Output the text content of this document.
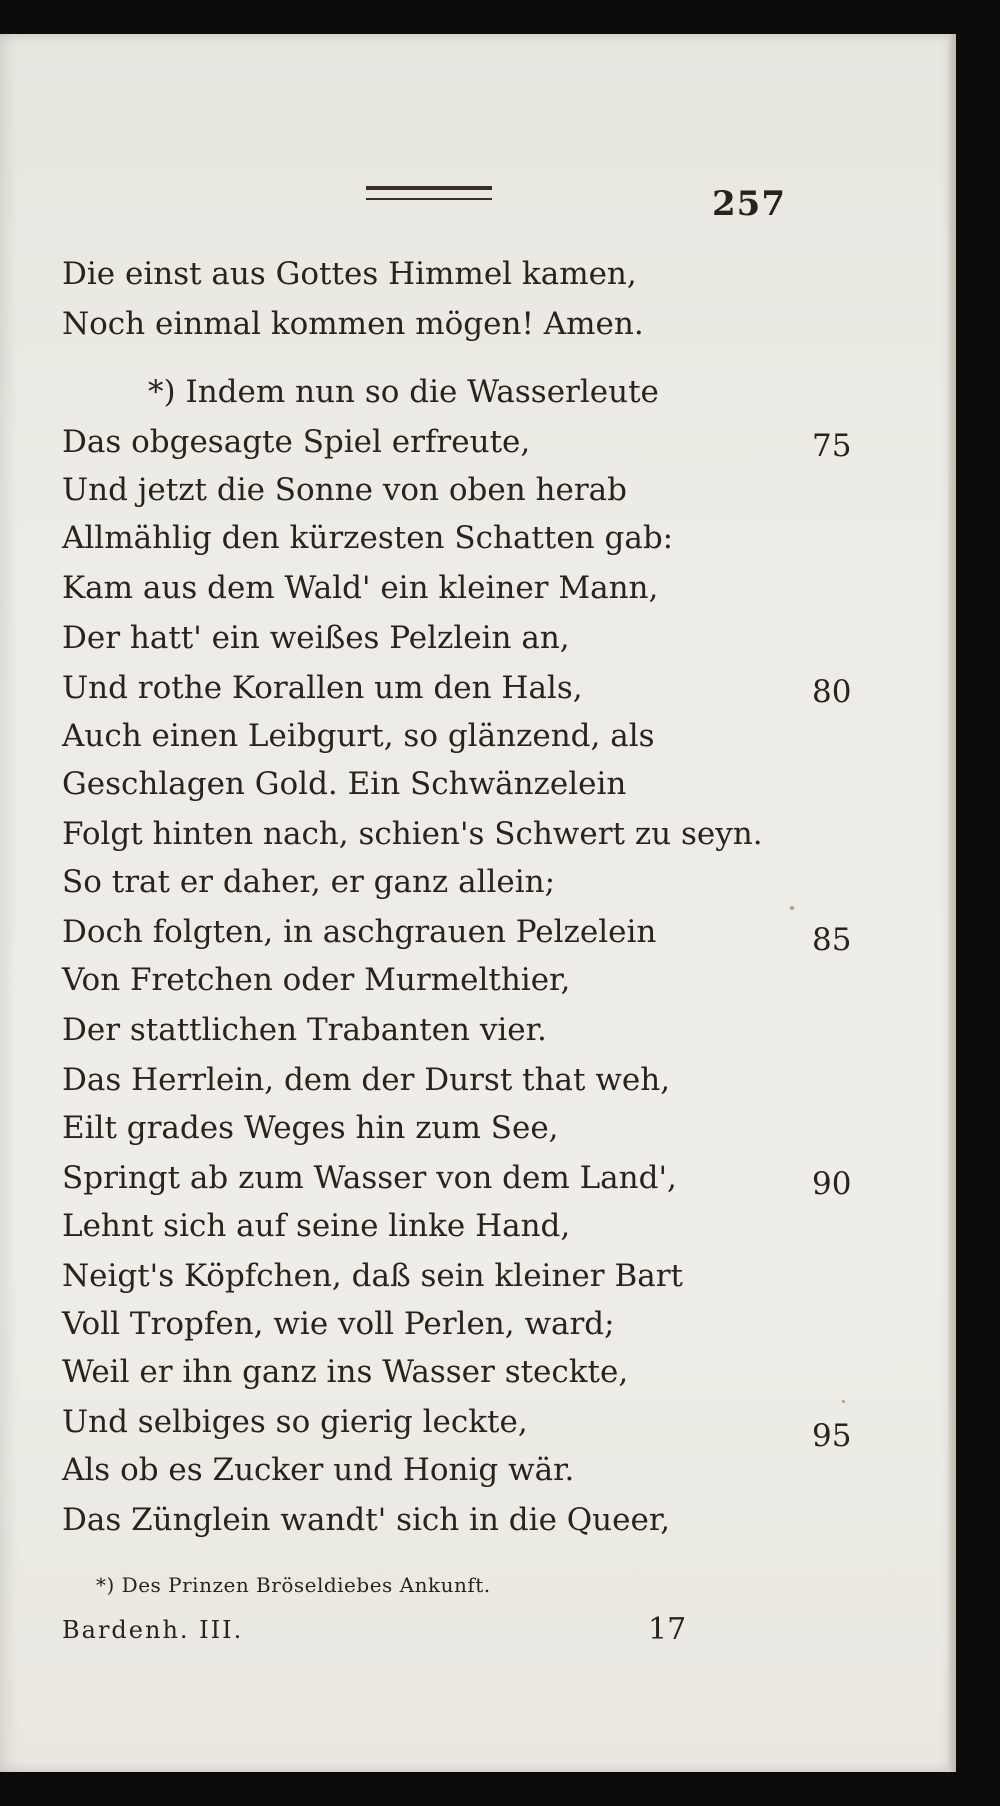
257
Die einst aus Gottes Himmel kamen,
Noch einmal kommen mögen! Amen.
*) Indem nun so die Wasserleute
Das obgesagte Spiel erfreute,
Und jetzt die Sonne von oben herab
Allmählig den kürzesten Schatten gab:
Kam aus dem Wald' ein kleiner Mann,
Der hatt' ein weißes Pelzlein an,
Und rothe Korallen um den Hals,
Auch einen Leibgurt, so glänzend, als
Geschlagen Gold. Ein Schwänzelein
Folgt hinten nach, schien's Schwert zu seyn.
So trat er daher, er ganz allein;
Doch folgten, in aschgrauen Pelzelein
Von Fretchen oder Murmelthier,
Der stattlichen Trabanten vier.
Das Herrlein, dem der Durst that weh,
Eilt grades Weges hin zum See,
Springt ab zum Wasser von dem Land',
Lehnt sich auf seine linke Hand,
Neigt's Köpfchen, daß sein kleiner Bart
Voll Tropfen, wie voll Perlen, ward;
Weil er ihn ganz ins Wasser steckte,
Und selbiges so gierig leckte,
Als ob es Zucker und Honig wär.
Das Zünglein wandt' sich in die Queer,
75
80
85
90
95
*) Des Prinzen Bröseldiebes Ankunft.
Bardenh. III.	17
